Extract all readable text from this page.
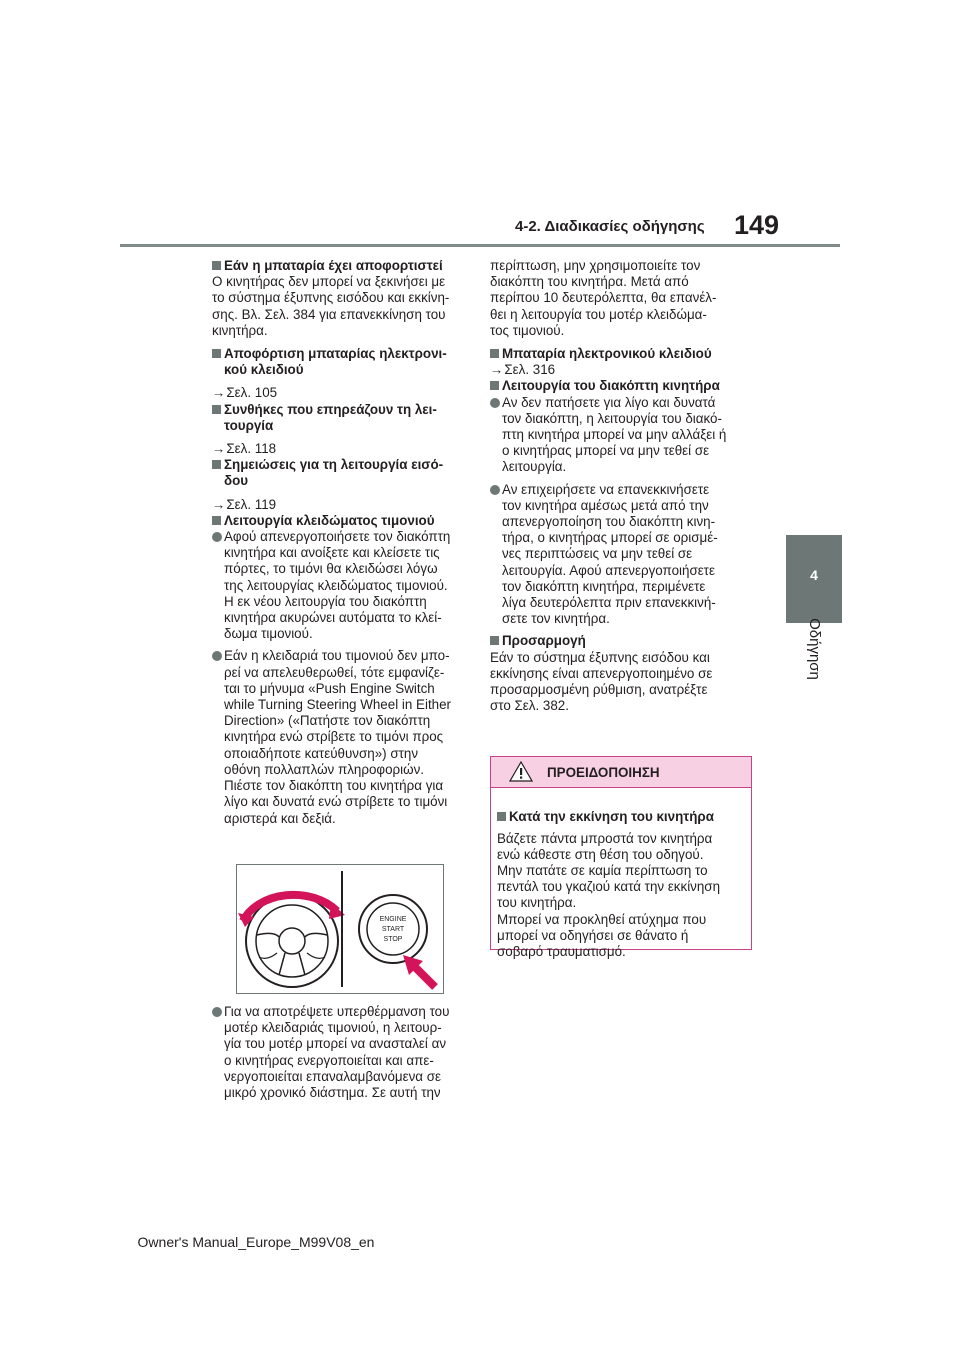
4-2. Διαδικασίες οδήγησης 149
4
Οδήγηση

Εάν η μπαταρία έχει αποφορτιστεί

Ο κινητήρας δεν μπορεί να ξεκινήσει με
το σύστημα έξυπνης εισόδου και εκκίνη-
σης. Βλ. Σελ. 384 για επανεκκίνηση του
κινητήρα.
Αποφόρτιση μπαταρίας ηλεκτρονι-
κού κλειδιού

→Σελ. 105

Συνθήκες που επηρεάζουν τη λει-
τουργία

→Σελ. 118

Σημειώσεις για τη λειτουργία εισό-
δου

→Σελ. 119

Λειτουργία κλειδώματος τιμονιού

Αφού απενεργοποιήσετε τον διακόπτη
κινητήρα και ανοίξετε και κλείσετε τις
πόρτες, το τιμόνι θα κλειδώσει λόγω
της λειτουργίας κλειδώματος τιμονιού.
Η εκ νέου λειτουργία του διακόπτη
κινητήρα ακυρώνει αυτόματα το κλεί-
δωμα τιμονιού.
Εάν η κλειδαριά του τιμονιού δεν μπο-
ρεί να απελευθερωθεί, τότε εμφανίζε-
ται το μήνυμα «Push Engine Switch
while Turning Steering Wheel in Either
Direction» («Πατήστε τον διακόπτη
κινητήρα ενώ στρίβετε το τιμόνι προς
οποιαδήποτε κατεύθυνση») στην
οθόνη πολλαπλών πληροφοριών.
Πιέστε τον διακόπτη του κινητήρα για
λίγο και δυνατά ενώ στρίβετε το τιμόνι
αριστερά και δεξιά.
ENGINE
START
STOP
Για να αποτρέψετε υπερθέρμανση του
μοτέρ κλειδαριάς τιμονιού, η λειτουρ-
γία του μοτέρ μπορεί να ανασταλεί αν
ο κινητήρας ενεργοποιείται και απε-
νεργοποιείται επαναλαμβανόμενα σε
μικρό χρονικό διάστημα. Σε αυτή την
περίπτωση, μην χρησιμοποιείτε τον
διακόπτη του κινητήρα. Μετά από
περίπου 10 δευτερόλεπτα, θα επανέλ-
θει η λειτουργία του μοτέρ κλειδώμα-
τος τιμονιού.

Μπαταρία ηλεκτρονικού κλειδιού

→Σελ. 316

Λειτουργία του διακόπτη κινητήρα

Αν δεν πατήσετε για λίγο και δυνατά
τον διακόπτη, η λειτουργία του διακό-
πτη κινητήρα μπορεί να μην αλλάξει ή
ο κινητήρας μπορεί να μην τεθεί σε
λειτουργία.
Αν επιχειρήσετε να επανεκκινήσετε
τον κινητήρα αμέσως μετά από την
απενεργοποίηση του διακόπτη κινη-
τήρα, ο κινητήρας μπορεί σε ορισμέ-
νες περιπτώσεις να μην τεθεί σε
λειτουργία. Αφού απενεργοποιήσετε
τον διακόπτη κινητήρα, περιμένετε
λίγα δευτερόλεπτα πριν επανεκκινή-
σετε τον κινητήρα.

Προσαρμογή

Εάν το σύστημα έξυπνης εισόδου και
εκκίνησης είναι απενεργοποιημένο σε
προσαρμοσμένη ρύθμιση, ανατρέξτε
στο Σελ. 382.
ΠΡΟΕΙΔΟΠΟΙΗΣΗ

Κατά την εκκίνηση του κινητήρα

Βάζετε πάντα μπροστά τον κινητήρα
ενώ κάθεστε στη θέση του οδηγού.
Μην πατάτε σε καμία περίπτωση το
πεντάλ του γκαζιού κατά την εκκίνηση
του κινητήρα.
Μπορεί να προκληθεί ατύχημα που
μπορεί να οδηγήσει σε θάνατο ή
σοβαρό τραυματισμό.
Owner's Manual_Europe_M99V08_en
